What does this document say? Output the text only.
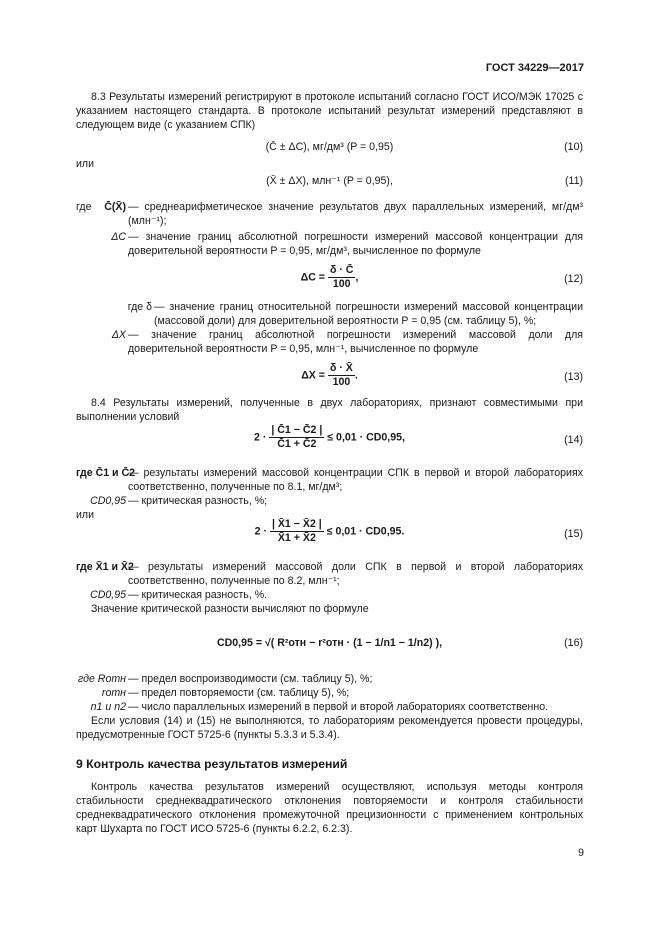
ГОСТ 34229—2017
8.3 Результаты измерений регистрируют в протоколе испытаний согласно ГОСТ ИСО/МЭК 17025 с указанием настоящего стандарта. В протоколе испытаний результат измерений представляют в следующем виде (с указанием СПК)
(C̄ ± ΔC), мг/дм³ (P = 0,95)	(10)
или
(X̄ ± ΔX), млн⁻¹ (P = 0,95),	(11)
где	C̄(X̄) — среднеарифметическое значение результатов двух параллельных измерений, мг/дм³ (млн⁻¹);
ΔC — значение границ абсолютной погрешности измерений массовой концентрации для доверительной вероятности P = 0,95, мг/дм³, вычисленное по формуле
$\Delta C = \frac{\delta \cdot C̄}{100}$ ,	(12)
где δ — значение границ относительной погрешности измерений массовой концентрации (массовой доли) для доверительной вероятности P = 0,95 (см. таблицу 5), %;
ΔX — значение границ абсолютной погрешности измерений массовой доли для доверительной вероятности P = 0,95, млн⁻¹, вычисленное по формуле
$\Delta X = \frac{\delta \cdot X̄}{100}$ .	(13)
8.4 Результаты измерений, полученные в двух лабораториях, признают совместимыми при выполнении условий
$2 \cdot \frac{| C̄1 - C̄2 |}{C̄1 + C̄2} \le 0,01 \cdot CD0,95$,	(14)
где C̄1 и C̄2
— результаты измерений массовой концентрации СПК в первой и второй лабораториях соответственно, полученные по 8.1, мг/дм³;
CD0,95 — критическая разность, %;
или
$2 \cdot \frac{| X̄1 - X̄2 |}{X̄1 + X̄2} \le 0,01 \cdot CD0,95$.	(15)
где X̄1 и X̄2
— результаты измерений массовой доли СПК в первой и второй лабораториях соответственно, полученные по 8.2, млн⁻¹;
CD0,95 — критическая разность, %.
Значение критической разности вычисляют по формуле
CD0,95 = √( R²отн − r²отн · (1 − 1/n1 − 1/n2) ),	(16)
где Rотн — предел воспроизводимости (см. таблицу 5), %;
rотн — предел повторяемости (см. таблицу 5), %;
n1 и n2 — число параллельных измерений в первой и второй лабораториях соответственно.
Если условия (14) и (15) не выполняются, то лабораториям рекомендуется провести процедуры, предусмотренные ГОСТ 5725-6 (пункты 5.3.3 и 5.3.4).
9 Контроль качества результатов измерений
Контроль качества результатов измерений осуществляют, используя методы контроля стабильности среднеквадратического отклонения повторяемости и контроля стабильности среднеквадратического отклонения промежуточной прецизионности с применением контрольных карт Шухарта по ГОСТ ИСО 5725-6 (пункты 6.2.2, 6.2.3).
9
